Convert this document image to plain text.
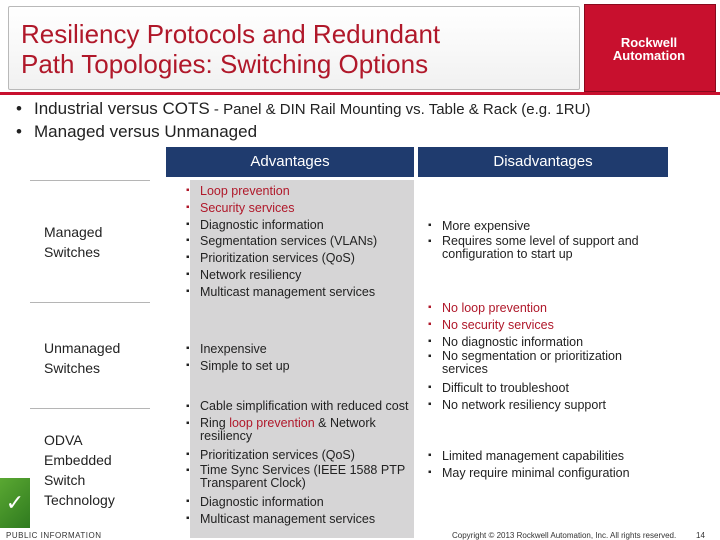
Resiliency Protocols and Redundant
Path Topologies: Switching Options
Rockwell
Automation
• Industrial versus COTS - Panel & DIN Rail Mounting vs. Table & Rack (e.g. 1RU)
• Managed versus Unmanaged
Advantages	Disadvantages
Managed
Switches
Unmanaged
Switches
ODVA
Embedded
Switch
Technology
▪ Loop prevention
▪ Security services
▪ Diagnostic information
▪ Segmentation services (VLANs)
▪ Prioritization services (QoS)
▪ Network resiliency
▪ Multicast management services
▪ More expensive
▪ Requires some level of support and configuration to start up
▪ Inexpensive
▪ Simple to set up
▪ No loop prevention
▪ No security services
▪ No diagnostic information
▪ No segmentation or prioritization services
▪ Difficult to troubleshoot
▪ No network resiliency support
▪ Cable simplification with reduced cost
▪ Ring loop prevention & Network resiliency
▪ Prioritization services (QoS)
▪ Time Sync Services (IEEE 1588 PTP Transparent Clock)
▪ Diagnostic information
▪ Multicast management services
▪ Limited management capabilities
▪ May require minimal configuration
✓
PUBLIC INFORMATION	Copyright © 2013 Rockwell Automation, Inc. All rights reserved. 14
